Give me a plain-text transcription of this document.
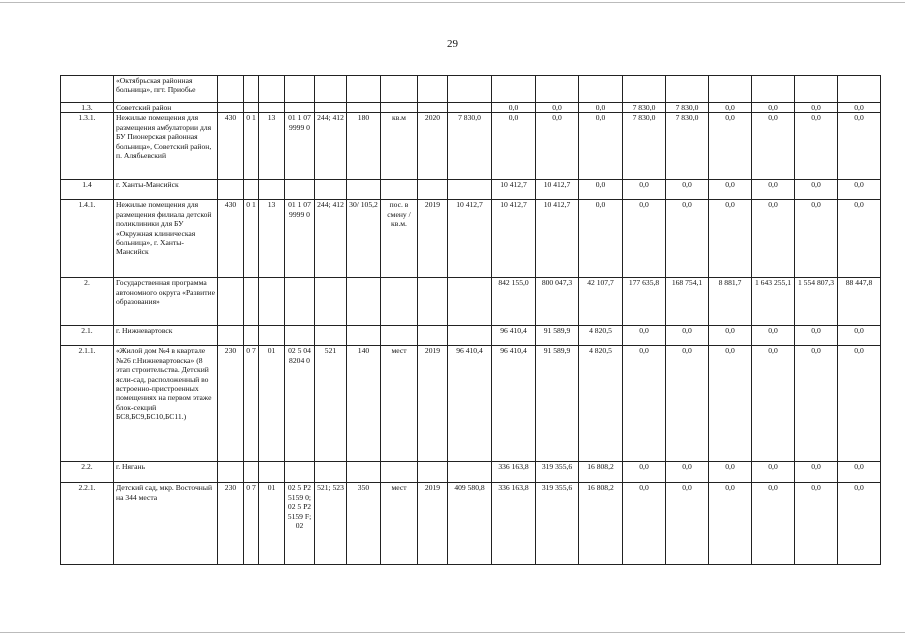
29
	«Октябрьская районная больница», пгт. Приобье																		
1.3.	Советский район										0,0	0,0	0,0	7 830,0	7 830,0	0,0	0,0	0,0	0,0
1.3.1.	Нежилые помещения для размещения амбулатории для БУ Пионерская районная больница», Советский район, п. Алябьевский	430	0 1	13	01 1 07 9999 0	244; 412	180	кв.м	2020	7 830,0	0,0	0,0	0,0	7 830,0	7 830,0	0,0	0,0	0,0	0,0
1.4	г. Ханты-Мансийск										10 412,7	10 412,7	0,0	0,0	0,0	0,0	0,0	0,0	0,0
1.4.1.	Нежилые помещения для размещения филиала детской поликлиники для БУ «Окружная клиническая больница», г. Ханты-Мансийск	430	0 1	13	01 1 07 9999 0	244; 412	30/ 105,2	пос. в смену / кв.м.	2019	10 412,7	10 412,7	10 412,7	0,0	0,0	0,0	0,0	0,0	0,0	0,0
2.	Государственная программа автономного округа «Развитие образования»										842 155,0	800 047,3	42 107,7	177 635,8	168 754,1	8 881,7	1 643 255,1	1 554 807,3	88 447,8
2.1.	г. Нижневартовск										96 410,4	91 589,9	4 820,5	0,0	0,0	0,0	0,0	0,0	0,0
2.1.1.	«Жилой дом №4 в квартале №26 г.Нижневартовска» (8 этап строительства. Детский ясли-сад, расположенный во встроенно-пристроенных помещениях на первом этаже блок-секций БС8,БС9,БС10,БС11.)	230	0 7	01	02 5 04 8204 0	521	140	мест	2019	96 410,4	96 410,4	91 589,9	4 820,5	0,0	0,0	0,0	0,0	0,0	0,0
2.2.	г. Нягань										336 163,8	319 355,6	16 808,2	0,0	0,0	0,0	0,0	0,0	0,0
2.2.1.	Детский сад, мкр. Восточный на 344 места	230	0 7	01	02 5 P2 5159 0; 02 5 P2 5159 F; 02	521; 523	350	мест	2019	409 580,8	336 163,8	319 355,6	16 808,2	0,0	0,0	0,0	0,0	0,0	0,0
